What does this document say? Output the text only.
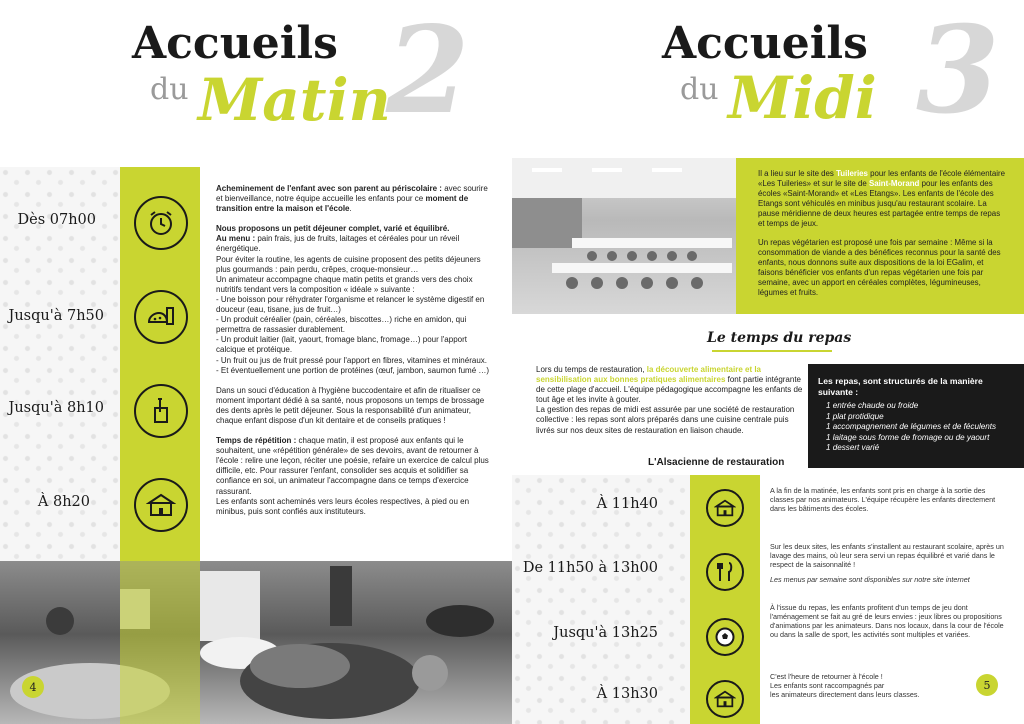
Accueils
du Matin
2
Dès 07h00
Jusqu'à 7h50
Jusqu'à 8h10
À 8h20

Acheminement de l'enfant avec son parent au périscolaire : avec sourire et bienveillance, notre équipe accueille les enfants pour ce moment de transition entre la maison et l'école.

Nous proposons un petit déjeuner complet, varié et équilibré.

Au menu : pain frais, jus de fruits, laitages et céréales pour un réveil énergétique.

Pour éviter la routine, les agents de cuisine proposent des petits déjeuners plus gourmands : pain perdu, crêpes, croque-monsieur…

Un animateur accompagne chaque matin petits et grands vers des choix nutritifs tendant vers la composition « idéale » suivante :

- Une boisson pour réhydrater l'organisme et relancer le système digestif en douceur (eau, tisane, jus de fruit…)

- Un produit céréalier (pain, céréales, biscottes…) riche en amidon, qui permettra de rassasier durablement.

- Un produit laitier (lait, yaourt, fromage blanc, fromage…) pour l'apport calcique et protéique.

- Un fruit ou jus de fruit pressé pour l'apport en fibres, vitamines et minéraux.

- Et éventuellement une portion de protéines (œuf, jambon, saumon fumé …)

Dans un souci d'éducation à l'hygiène buccodentaire et afin de ritualiser ce moment important dédié à sa santé, nous proposons un temps de brossage des dents après le petit déjeuner. Sous la responsabilité d'un animateur, chaque enfant dispose d'un kit dentaire et de conseils pratiques !

Temps de répétition : chaque matin, il est proposé aux enfants qui le souhaitent, une «répétition générale» de ses devoirs, avant de retourner à l'école : relire une leçon, réciter une poésie, refaire un exercice de calcul plus difficile, etc. Pour rassurer l'enfant, consolider ses acquis et solidifier sa confiance en soi, un animateur l'accompagne dans ce temps d'exercice rassurant.

Les enfants sont acheminés vers leurs écoles respectives, à pied ou en minibus, puis sont confiés aux instituteurs.

4
Accueils
du Midi 3

Il a lieu sur le site des Tuileries pour les enfants de l'école élémentaire «Les Tuileries» et sur le site de Saint-Morand pour les enfants des écoles «Saint-Morand» et «Les Etangs». Les enfants de l'école des Etangs sont véhiculés en minibus jusqu'au restaurant scolaire. La pause méridienne de deux heures est partagée entre temps de repas et temps de jeux.

Un repas végétarien est proposé une fois par semaine : Même si la consommation de viande a des bénéfices reconnus pour la santé des enfants, nous donnons suite aux dispositions de la loi EGalim, et faisons bénéficier vos enfants d'un repas végétarien une fois par semaine, avec un apport en céréales complètes, légumineuses, légumes et fruits.

Le temps du repas

Lors du temps de restauration, la découverte alimentaire et la sensibilisation aux bonnes pratiques alimentaires font partie intégrante de cette plage d'accueil. L'équipe pédagogique accompagne les enfants de tout âge et les invite à gouter.

La gestion des repas de midi est assurée par une société de restauration collective : les repas sont alors préparés dans une cuisine centrale puis livrés sur nos deux sites de restauration en liaison chaude.

L'Alsacienne de restauration
Les repas, sont structurés de la manière suivante :
1 entrée chaude ou froide
1 plat protidique
1 accompagnement de légumes et de féculents
1 laitage sous forme de fromage ou de yaourt
1 dessert varié
À 11h40
De 11h50 à 13h00
Jusqu'à 13h25
À 13h30
A la fin de la matinée, les enfants sont pris en charge à la sortie des classes par nos animateurs. L'équipe récupère les enfants directement dans les bâtiments des écoles.

Sur les deux sites, les enfants s'installent au restaurant scolaire, après un lavage des mains, où leur sera servi un repas équilibré et varié dans le respect de la saisonnalité !

Les menus par semaine sont disponibles sur notre site internet

À l'issue du repas, les enfants profitent d'un temps de jeu dont l'aménagement se fait au gré de leurs envies : jeux libres ou propositions d'animations par les animateurs. Dans nos locaux, dans la cour de l'école ou dans la salle de sport, les activités sont multiples et variées.

C'est l'heure de retourner à l'école !

Les enfants sont raccompagnés par

les animateurs directement dans leurs classes.

5
